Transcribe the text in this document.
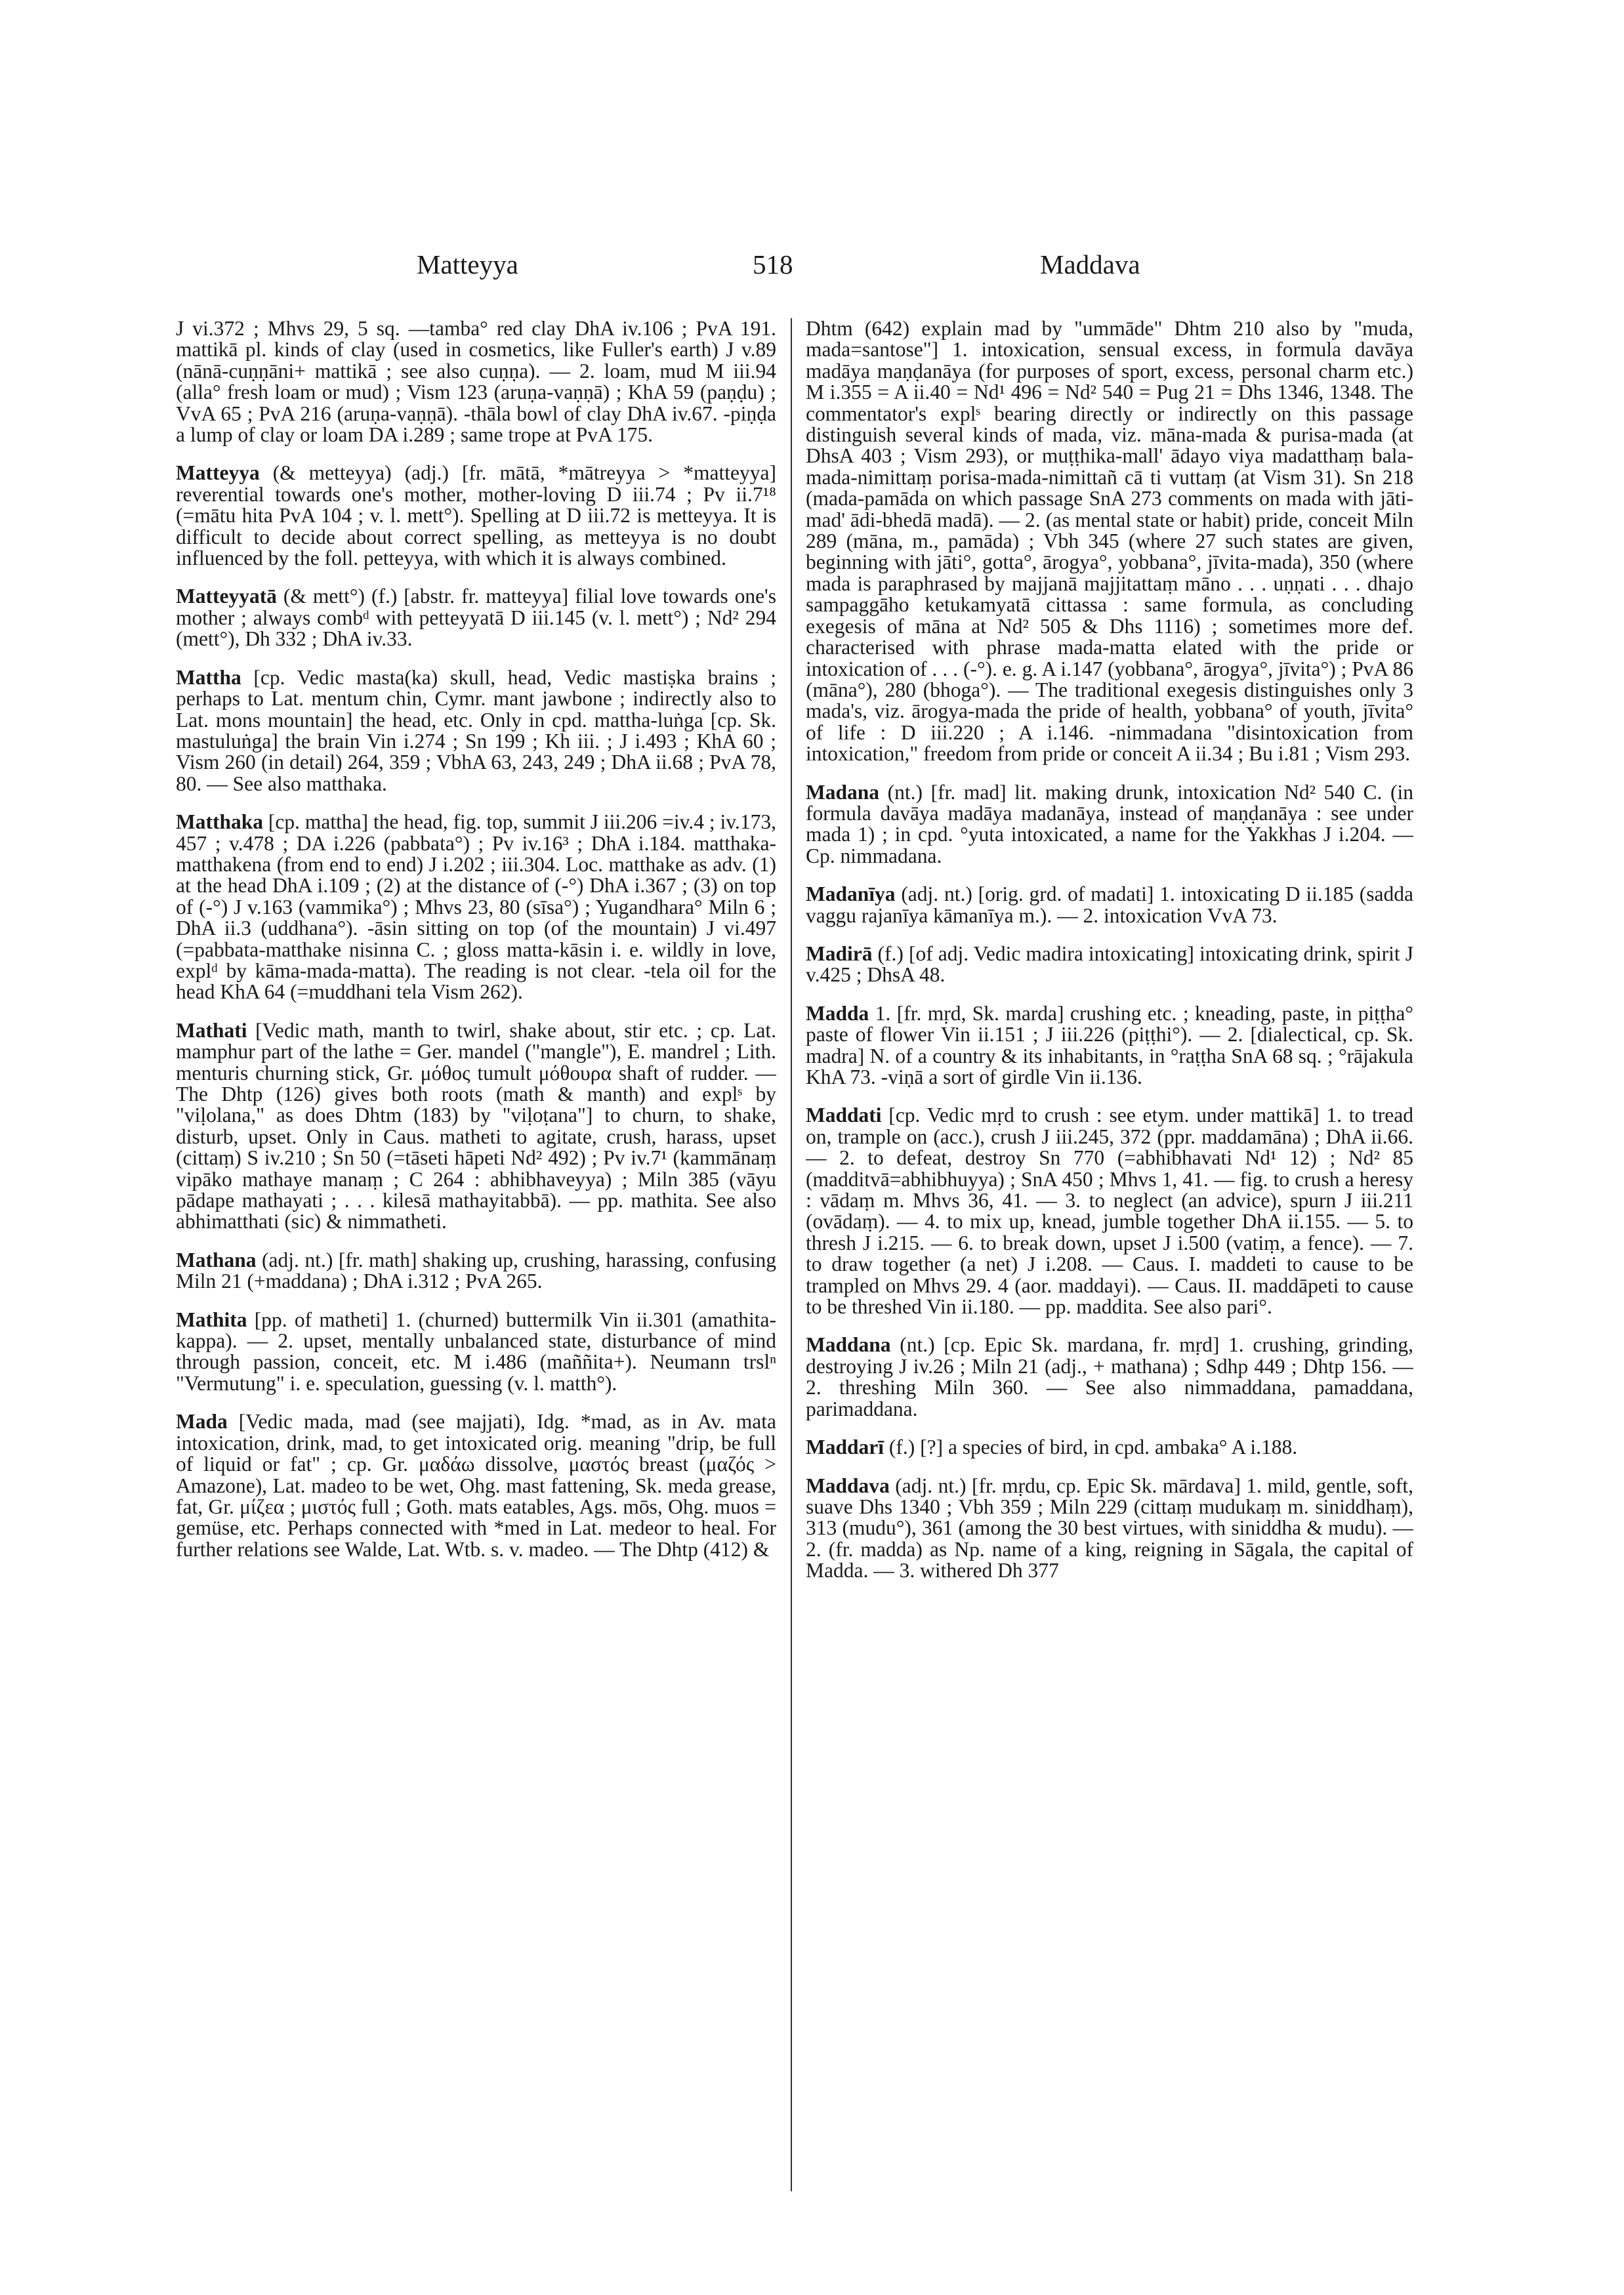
Matteyya	518	Maddava

J vi.372 ; Mhvs 29, 5 sq. —tamba° red clay DhA iv.106 ; PvA 191. mattikā pl. kinds of clay (used in cosmetics, like Fuller's earth) J v.89 (nānā-cuṇṇāni+ mattikā ; see also cuṇṇa). — 2. loam, mud M iii.94 (alla° fresh loam or mud) ; Vism 123 (aruṇa-vaṇṇā) ; KhA 59 (paṇḍu) ; VvA 65 ; PvA 216 (aruṇa-vaṇṇā). -thāla bowl of clay DhA iv.67. -piṇḍa a lump of clay or loam DA i.289 ; same trope at PvA 175.

Matteyya (& metteyya) (adj.) [fr. mātā, *mātreyya > *matteyya] reverential towards one's mother, mother-loving D iii.74 ; Pv ii.7¹⁸ (=mātu hita PvA 104 ; v. l. mett°). Spelling at D iii.72 is metteyya. It is difficult to decide about correct spelling, as metteyya is no doubt influenced by the foll. petteyya, with which it is always combined.

Matteyyatā (& mett°) (f.) [abstr. fr. matteyya] filial love towards one's mother ; always combᵈ with petteyyatā D iii.145 (v. l. mett°) ; Nd² 294 (mett°), Dh 332 ; DhA iv.33.

Mattha [cp. Vedic masta(ka) skull, head, Vedic mastiṣka brains ; perhaps to Lat. mentum chin, Cymr. mant jawbone ; indirectly also to Lat. mons mountain] the head, etc. Only in cpd. mattha-luṅga [cp. Sk. mastuluṅga] the brain Vin i.274 ; Sn 199 ; Kh iii. ; J i.493 ; KhA 60 ; Vism 260 (in detail) 264, 359 ; VbhA 63, 243, 249 ; DhA ii.68 ; PvA 78, 80. — See also matthaka.

Matthaka [cp. mattha] the head, fig. top, summit J iii.206 =iv.4 ; iv.173, 457 ; v.478 ; DA i.226 (pabbata°) ; Pv iv.16³ ; DhA i.184. matthaka-matthakena (from end to end) J i.202 ; iii.304. Loc. matthake as adv. (1) at the head DhA i.109 ; (2) at the distance of (-°) DhA i.367 ; (3) on top of (-°) J v.163 (vammika°) ; Mhvs 23, 80 (sīsa°) ; Yugandhara° Miln 6 ; DhA ii.3 (uddhana°). -āsin sitting on top (of the mountain) J vi.497 (=pabbata-matthake nisinna C. ; gloss matta-kāsin i. e. wildly in love, explᵈ by kāma-mada-matta). The reading is not clear. -tela oil for the head KhA 64 (=muddhani tela Vism 262).

Mathati [Vedic math, manth to twirl, shake about, stir etc. ; cp. Lat. mamphur part of the lathe = Ger. mandel ("mangle"), E. mandrel ; Lith. menturis churning stick, Gr. μόθος tumult μόθουρα shaft of rudder. — The Dhtp (126) gives both roots (math & manth) and explˢ by "viḷolana," as does Dhtm (183) by "viḷoṭana"] to churn, to shake, disturb, upset. Only in Caus. matheti to agitate, crush, harass, upset (cittaṃ) S iv.210 ; Sn 50 (=tāseti hāpeti Nd² 492) ; Pv iv.7¹ (kammānaṃ vipāko mathaye manaṃ ; C 264 : abhibhaveyya) ; Miln 385 (vāyu pādape mathayati ; . . . kilesā mathayitabbā). — pp. mathita. See also abhimatthati (sic) & nimmatheti.

Mathana (adj. nt.) [fr. math] shaking up, crushing, harassing, confusing Miln 21 (+maddana) ; DhA i.312 ; PvA 265.

Mathita [pp. of matheti] 1. (churned) buttermilk Vin ii.301 (amathita-kappa). — 2. upset, mentally unbalanced state, disturbance of mind through passion, conceit, etc. M i.486 (maññita+). Neumann trslⁿ "Vermutung" i. e. speculation, guessing (v. l. matth°).

Mada [Vedic mada, mad (see majjati), Idg. *mad, as in Av. mata intoxication, drink, mad, to get intoxicated orig. meaning "drip, be full of liquid or fat" ; cp. Gr. μαδάω dissolve, μαστός breast (μαζός > Amazone), Lat. madeo to be wet, Ohg. mast fattening, Sk. meda grease, fat, Gr. μίζεα ; μιστός full ; Goth. mats eatables, Ags. mōs, Ohg. muos = gemüse, etc. Perhaps connected with *med in Lat. medeor to heal. For further relations see Walde, Lat. Wtb. s. v. madeo. — The Dhtp (412) &

Dhtm (642) explain mad by "ummāde" Dhtm 210 also by "muda, mada=santose"] 1. intoxication, sensual excess, in formula davāya madāya maṇḍanāya (for purposes of sport, excess, personal charm etc.) M i.355 = A ii.40 = Nd¹ 496 = Nd² 540 = Pug 21 = Dhs 1346, 1348. The commentator's explˢ bearing directly or indirectly on this passage distinguish several kinds of mada, viz. māna-mada & purisa-mada (at DhsA 403 ; Vism 293), or muṭṭhika-mall' ādayo viya madatthaṃ bala-mada-nimittaṃ porisa-mada-nimittañ cā ti vuttaṃ (at Vism 31). Sn 218 (mada-pamāda on which passage SnA 273 comments on mada with jāti-mad' ādi-bhedā madā). — 2. (as mental state or habit) pride, conceit Miln 289 (māna, m., pamāda) ; Vbh 345 (where 27 such states are given, beginning with jāti°, gotta°, ārogya°, yobbana°, jīvita-mada), 350 (where mada is paraphrased by majjanā majjitattaṃ māno . . . uṇṇati . . . dhajo sampaggāho ketukamyatā cittassa : same formula, as concluding exegesis of māna at Nd² 505 & Dhs 1116) ; sometimes more def. characterised with phrase mada-matta elated with the pride or intoxication of . . . (-°). e. g. A i.147 (yobbana°, ārogya°, jīvita°) ; PvA 86 (māna°), 280 (bhoga°). — The traditional exegesis distinguishes only 3 mada's, viz. ārogya-mada the pride of health, yobbana° of youth, jīvita° of life : D iii.220 ; A i.146. -nimmadana "disintoxication from intoxication," freedom from pride or conceit A ii.34 ; Bu i.81 ; Vism 293.

Madana (nt.) [fr. mad] lit. making drunk, intoxication Nd² 540 C. (in formula davāya madāya madanāya, instead of maṇḍanāya : see under mada 1) ; in cpd. °yuta intoxicated, a name for the Yakkhas J i.204. — Cp. nimmadana.

Madanīya (adj. nt.) [orig. grd. of madati] 1. intoxicating D ii.185 (sadda vaggu rajanīya kāmanīya m.). — 2. intoxication VvA 73.

Madirā (f.) [of adj. Vedic madira intoxicating] intoxicating drink, spirit J v.425 ; DhsA 48.

Madda 1. [fr. mṛd, Sk. marda] crushing etc. ; kneading, paste, in piṭṭha° paste of flower Vin ii.151 ; J iii.226 (piṭṭhi°). — 2. [dialectical, cp. Sk. madra] N. of a country & its inhabitants, in °raṭṭha SnA 68 sq. ; °rājakula KhA 73. -viṇā a sort of girdle Vin ii.136.

Maddati [cp. Vedic mṛd to crush : see etym. under mattikā] 1. to tread on, trample on (acc.), crush J iii.245, 372 (ppr. maddamāna) ; DhA ii.66. — 2. to defeat, destroy Sn 770 (=abhibhavati Nd¹ 12) ; Nd² 85 (madditvā=abhibhuyya) ; SnA 450 ; Mhvs 1, 41. — fig. to crush a heresy : vādaṃ m. Mhvs 36, 41. — 3. to neglect (an advice), spurn J iii.211 (ovādaṃ). — 4. to mix up, knead, jumble together DhA ii.155. — 5. to thresh J i.215. — 6. to break down, upset J i.500 (vatiṃ, a fence). — 7. to draw together (a net) J i.208. — Caus. I. maddeti to cause to be trampled on Mhvs 29. 4 (aor. maddayi). — Caus. II. maddāpeti to cause to be threshed Vin ii.180. — pp. maddita. See also pari°.

Maddana (nt.) [cp. Epic Sk. mardana, fr. mṛd] 1. crushing, grinding, destroying J iv.26 ; Miln 21 (adj., + mathana) ; Sdhp 449 ; Dhtp 156. — 2. threshing Miln 360. — See also nimmaddana, pamaddana, parimaddana.

Maddarī (f.) [?] a species of bird, in cpd. ambaka° A i.188.

Maddava (adj. nt.) [fr. mṛdu, cp. Epic Sk. mārdava] 1. mild, gentle, soft, suave Dhs 1340 ; Vbh 359 ; Miln 229 (cittaṃ mudukaṃ m. siniddhaṃ), 313 (mudu°), 361 (among the 30 best virtues, with siniddha & mudu). — 2. (fr. madda) as Np. name of a king, reigning in Sāgala, the capital of Madda. — 3. withered Dh 377
